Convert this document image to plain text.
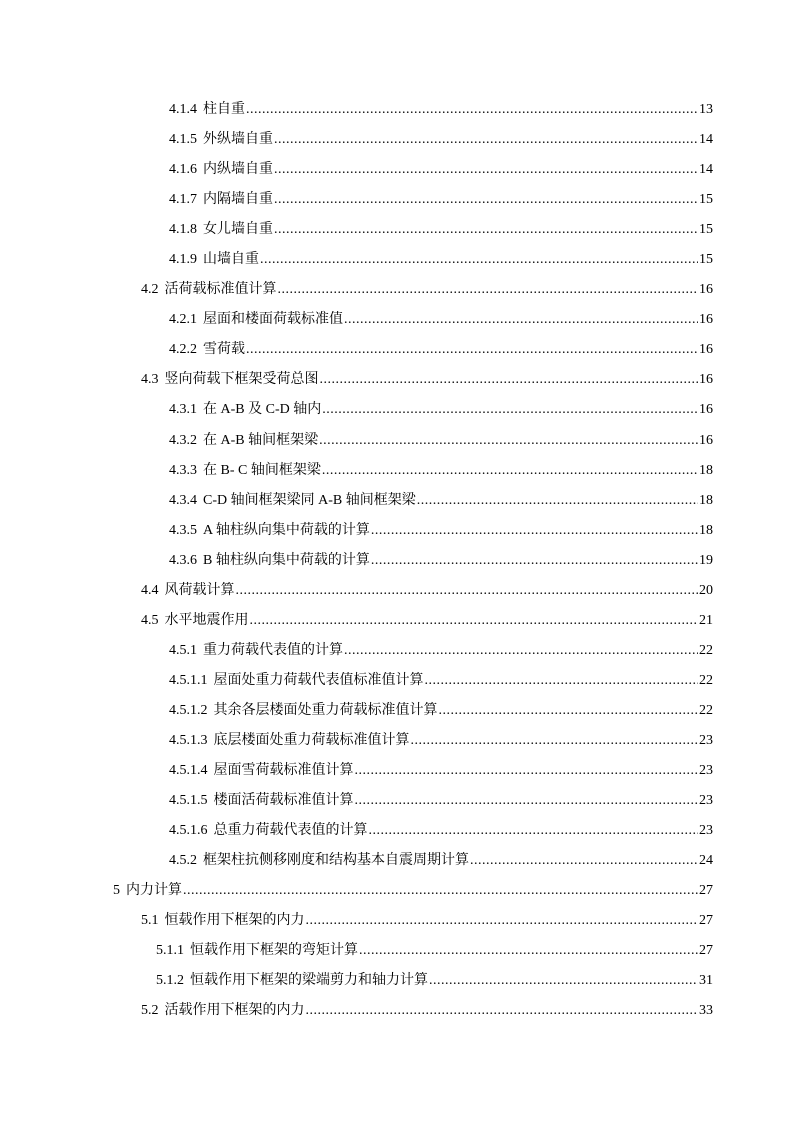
4.1.4 柱自重 .....	13
4.1.5 外纵墙自重 .....	14
4.1.6 内纵墙自重 .....	14
4.1.7 内隔墙自重 .....	15
4.1.8 女儿墙自重 .....	15
4.1.9 山墙自重 .....	15
4.2 活荷载标准值计算 .....	16
4.2.1 屋面和楼面荷载标准值 .....	16
4.2.2 雪荷载 .....	16
4.3 竖向荷载下框架受荷总图 .....	16
4.3.1 在 A-B 及 C-D 轴内 .....	16
4.3.2 在 A-B 轴间框架梁 .....	16
4.3.3 在 B- C 轴间框架梁 .....	18
4.3.4 C-D 轴间框架梁同 A-B 轴间框架梁 .....	18
4.3.5 A 轴柱纵向集中荷载的计算 .....	18
4.3.6 B 轴柱纵向集中荷载的计算 .....	19
4.4 风荷载计算 .....	20
4.5 水平地震作用 .....	21
4.5.1 重力荷载代表值的计算 .....	22
4.5.1.1 屋面处重力荷载代表值标准值计算 .....	22
4.5.1.2 其余各层楼面处重力荷载标准值计算 .....	22
4.5.1.3 底层楼面处重力荷载标准值计算 .....	23
4.5.1.4 屋面雪荷载标准值计算 .....	23
4.5.1.5 楼面活荷载标准值计算 .....	23
4.5.1.6 总重力荷载代表值的计算 .....	23
4.5.2 框架柱抗侧移刚度和结构基本自震周期计算 .....	24
5 内力计算 .....	27
5.1 恒载作用下框架的内力 .....	27
5.1.1 恒载作用下框架的弯矩计算 .....	27
5.1.2 恒载作用下框架的梁端剪力和轴力计算 .....	31
5.2 活载作用下框架的内力 .....	33
